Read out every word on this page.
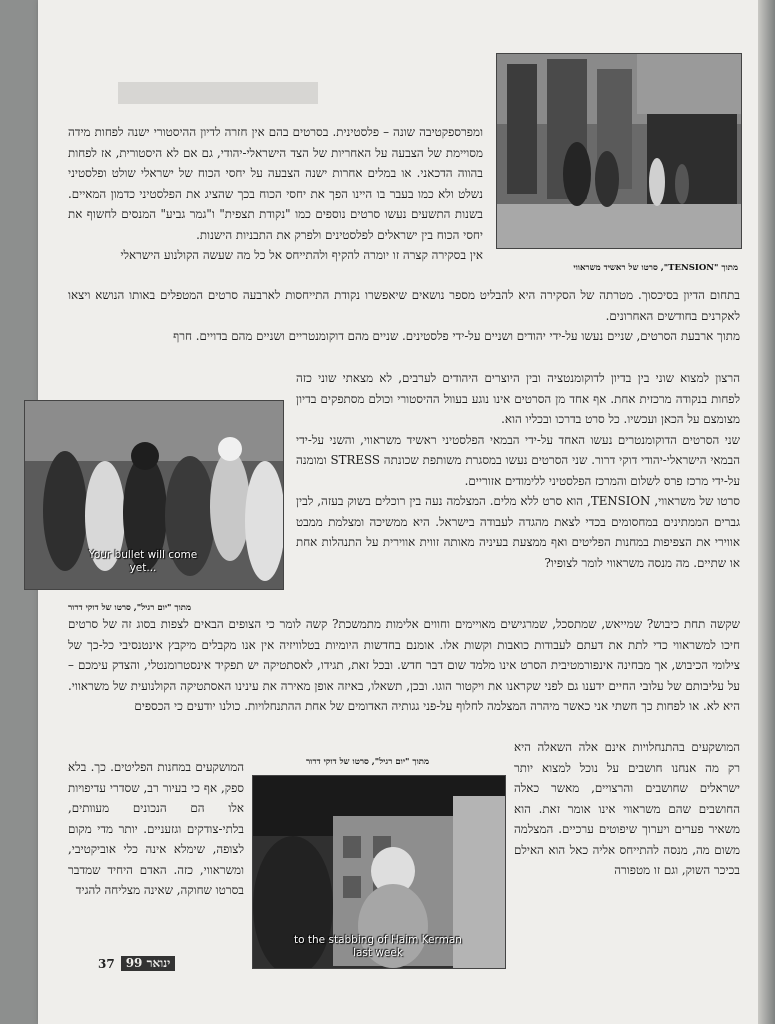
מתוך "TENSION", סרטו של ראשיד משראווי
Your bullet will come yet...
מתוך "יום רגיל", סרטו של דוקי דרור
מתוך "יום רגיל", סרטו של דוקי דרור
to the stabbing of Haim Kerman last week

ומפרספקטיבה שונה – פלסטינית. בסרטים בהם אין חזרה לדיון ההיסטורי ישנה לפחות מידה מסויימת של הצבעה על האחריות של הצד הישראלי-יהודי, גם אם לא היסטורית, אז לפחות בהווה הדכאני. או במלים אחרות ישנה הצבעה על יחסי הכוח של ישראלי שולט ופלסטיני נשלט ולא כמו בעבר בו היינו הפך את יחסי הכוח בכך שהציג את הפלסטיני כדמון המאיים. בשנות התשעים נעשו סרטים נוספים כמו "נקודת תצפית" ו"גמר גביע" המנסים לחשוף את יחסי הכוח בין ישראלים לפלסטינים ולפרק את התבניות הישנות.

אין בסקירה קצרה זו יומרה להקיף ולהתייחס אל כל מה שעשה הקולנוע הישראלי

בתחום הדיון בסיכסוך. מטרתה של הסקירה היא להבליט מספר נושאים שיאפשרו נקודת התייחסות לארבעה סרטים המטפלים באותו הנושא ויצאו לאקרנים בחודשים האחרונים.

מתוך ארבעת הסרטים, שניים נעשו על-ידי יהודים ושניים על-ידי פלסטינים. שניים מהם דוקומנטריים ושניים מהם בדויים. חרף

הרצון למצוא שוני בין בדיון לדוקומנטציה ובין היוצרים היהודים לערבים, לא מצאתי שוני כזה לפחות בנקודה מרכזית אחת. אף אחד מן הסרטים אינו נוגע בעוול ההיסטורי וכולם מסתפקים בדיון מצומצם על הכאן ועכשיו. כל סרט בדרכו ובכליו הוא.

שני הסרטים הדוקומנטרים נעשו האחד על-ידי הבמאי הפלסטיני ראשיד משראווי, והשני על-ידי הבמאי הישראלי-יהודי דוקי דרור. שני הסרטים נעשו במסגרת משותפת שכונתה STRESS ומומנה על-ידי מרכז פרס לשלום והמרכז הפלסטיני ללימודים אזוריים.

סרטו של משראווי, TENSION, הוא סרט ללא מלים. המצלמה נעה בין רוכלים בשוק בעזה, לבין גברים הממתינים במחסומים בכדי לצאת מהגדה לעבודה בישראל. היא ממשיכה ומצלמת ממבט אווירי את הצפיפות במחנות הפליטים ואף ממצעת בעיניה מאותה זווית אווירית על התנהלות אחת או שתיים. מה מנסה משראווי לומר לצופיו?

שקשה תחת כיבוש? שמייאש, שמתסכל, שמרגישים מאויימים וחווים אלימות מתמשכת? קשה לומר כי הצופים הבאים לצפות בסוג זה של סרטים חיכו למשראווי כדי לתת את דעתם לעבודות כואבות וקשות אלו. אומנם בחדשות היומיות בטלוויזיה אין אנו מקבלים מיקבץ אינטנסיבי כל-כך של צילומי הכיבוש, אך מבחינה אינפורמטיבית הסרט אינו מלמד שום דבר חדש. ובכל זאת, תגידו, לאסתטיקה יש תפקיד אינסטרומנטלי, והצדק עימכם – על עליבותם של עלובי החיים ידענו גם לפני שקראנו את ויקטור הוגו. ובכן, תשאלו, באיזה אופן מאירה את עינינו האסתטיקה הקולנועית של משראווי. היא לא. או לפחות כך חשתי אני כאשר מיהרה המצלמה לחלוף על-פני גגותיה האדומים של אחת ההתנחלויות. כולנו יודעים כי הכספים

המושקעים בהתנחלויות אינם אלה השאלה היא רק מה אנחנו חושבים על נוכל למצוא יותר ישראלים שחושבים והרצויים, מאשר כאלה החושבים שהם משראווי אינו אומר זאת. הוא משאיר פערים ויערוך שיפוטים ערכיים. המצלמה משום מה, מנסה להתייחס אליה כאל הוא האילם בכיכר השוק, וגם זו מטפורה

המושקעים במחנות הפליטים. כך. בלא ספק, אף כי בעיור רב, שסדרי עדיפויות אלו הם הנכונים מעוותים, בלתי-צודקים וגזעניים. יותר מדי מקום לצופה, שימלא אינה כלי אוביקטיבי, ומשראווי, כזה. האדם היחיד שמדבר בסרטו שחוקה, שאינה מצליחה להגיד

37 ינואר 99
